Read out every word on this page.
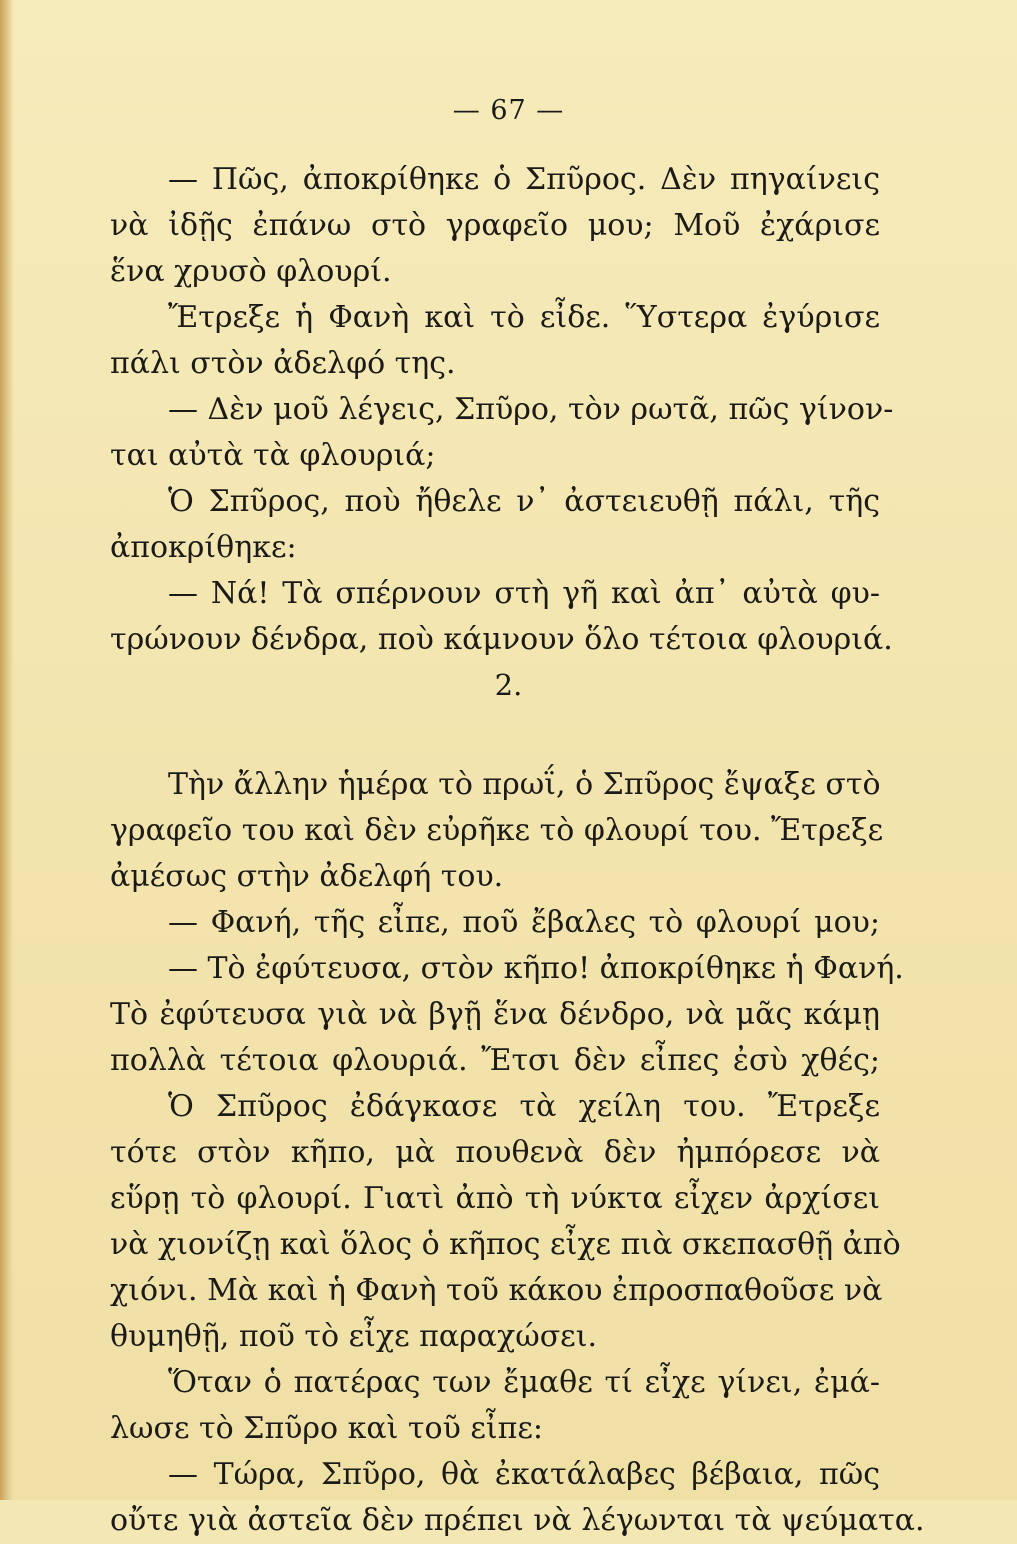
— 67 —
— Πῶς, ἀποκρίθηκε ὁ Σπῦρος. Δὲν πηγαίνεις
νὰ ἰδῇς ἐπάνω στὸ γραφεῖο μου; Μοῦ ἐχάρισε
ἕνα χρυσὸ φλουρί.
Ἔτρεξε ἡ Φανὴ καὶ τὸ εἶδε. Ὕστερα ἐγύρισε
πάλι στὸν ἀδελφό της.
— Δὲν μοῦ λέγεις, Σπῦρο, τὸν ρωτᾶ, πῶς γίνον-
ται αὐτὰ τὰ φλουριά;
Ὁ Σπῦρος, ποὺ ἤθελε ν᾽ ἀστειευθῇ πάλι, τῆς
ἀποκρίθηκε:
— Νά! Τὰ σπέρνουν στὴ γῆ καὶ ἀπ᾽ αὐτὰ φυ-
τρώνουν δένδρα, ποὺ κάμνουν ὅλο τέτοια φλουριά.
2.
Τὴν ἄλλην ἡμέρα τὸ πρωΐ, ὁ Σπῦρος ἔψαξε στὸ
γραφεῖο του καὶ δὲν εὐρῆκε τὸ φλουρί του. Ἔτρεξε
ἀμέσως στὴν ἀδελφή του.
— Φανή, τῆς εἶπε, ποῦ ἔβαλες τὸ φλουρί μου;
— Τὸ ἐφύτευσα, στὸν κῆπο! ἀποκρίθηκε ἡ Φανή.
Τὸ ἐφύτευσα γιὰ νὰ βγῇ ἕνα δένδρο, νὰ μᾶς κάμῃ
πολλὰ τέτοια φλουριά. Ἔτσι δὲν εἶπες ἐσὺ χθές;
Ὁ Σπῦρος ἐδάγκασε τὰ χείλη του. Ἔτρεξε
τότε στὸν κῆπο, μὰ πουθενὰ δὲν ἠμπόρεσε νὰ
εὕρῃ τὸ φλουρί. Γιατὶ ἀπὸ τὴ νύκτα εἶχεν ἀρχίσει
νὰ χιονίζῃ καὶ ὅλος ὁ κῆπος εἶχε πιὰ σκεπασθῇ ἀπὸ
χιόνι. Μὰ καὶ ἡ Φανὴ τοῦ κάκου ἐπροσπαθοῦσε νὰ
θυμηθῇ, ποῦ τὸ εἶχε παραχώσει.
Ὅταν ὁ πατέρας των ἔμαθε τί εἶχε γίνει, ἐμά-
λωσε τὸ Σπῦρο καὶ τοῦ εἶπε:
— Τώρα, Σπῦρο, θὰ ἐκατάλαβες βέβαια, πῶς
οὔτε γιὰ ἀστεῖα δὲν πρέπει νὰ λέγωνται τὰ ψεύματα.
